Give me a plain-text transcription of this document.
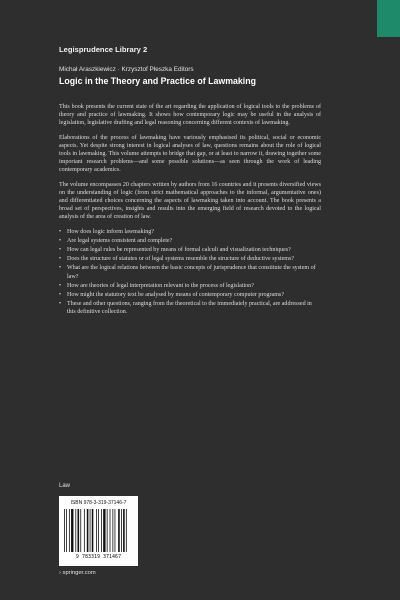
Legisprudence Library 2
Michał Araszkiewicz · Krzysztof Płeszka Editors
Logic in the Theory and Practice of Lawmaking

This book presents the current state of the art regarding the application of logical tools to the problems of theory and practice of lawmaking. It shows how contemporary logic may be useful in the analysis of legislation, legislative drafting and legal reasoning concerning different contexts of lawmaking.

Elaborations of the process of lawmaking have variously emphasised its political, social or economic aspects. Yet despite strong interest in logical analyses of law, questions remains about the role of logical tools in lawmaking. This volume attempts to bridge that gap, or at least to narrow it, drawing together some important research problems—and some possible solutions—as seen through the work of leading contemporary academics.

The volume encompasses 20 chapters written by authors from 16 countries and it presents diversified views on the understanding of logic (from strict mathematical approaches to the informal, argumentative ones) and differentiated choices concerning the aspects of lawmaking taken into account. The book presents a broad set of perspectives, insights and results into the emerging field of research devoted to the logical analysis of the area of creation of law.

• How does logic inform lawmaking?
• Are legal systems consistent and complete?
• How can legal rules be represented by means of formal calculi and visualization techniques?
• Does the structure of statutes or of legal systems resemble the structure of deductive systems?
• What are the logical relations between the basic concepts of jurisprudence that constitute the system of law?
• How are theories of legal interpretation relevant to the process of legislation?
• How might the statutory text be analysed by means of contemporary computer programs?
• These and other questions, ranging from the theoretical to the immediately practical, are addressed in this definitive collection.
Law
ISBN 978-3-319-37146-7
9 783319 371467
› springer.com
